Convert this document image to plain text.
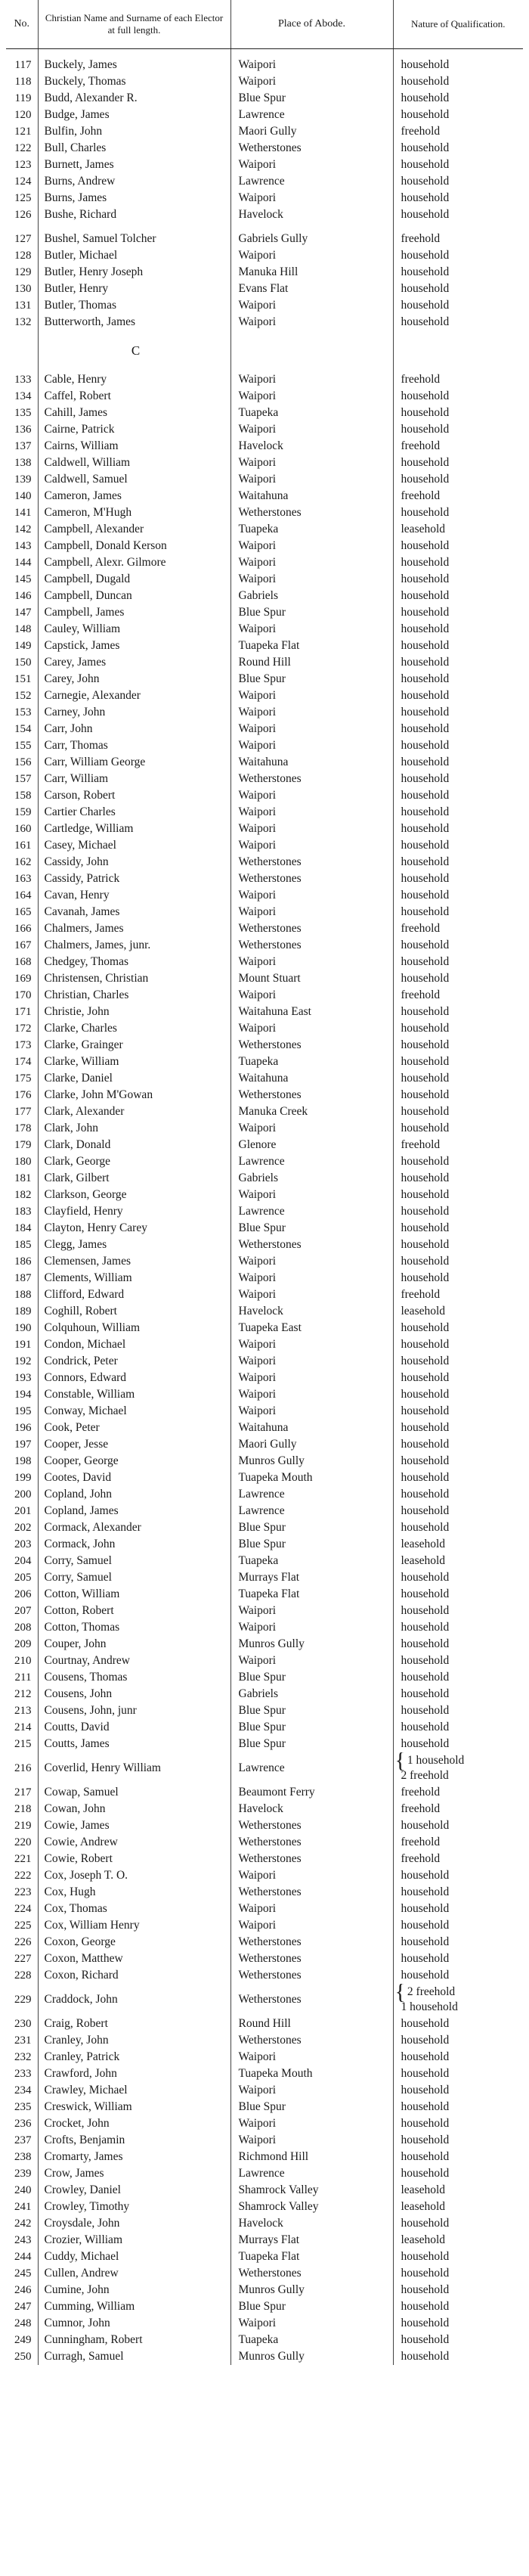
No.	Christian Name and Surname of each Elector at full length.	Place of Abode.	Nature of Qualification.

117	Buckely, James	Waipori	household
118	Buckely, Thomas	Waipori	household
119	Budd, Alexander R.	Blue Spur	household
120	Budge, James	Lawrence	household
121	Bulfin, John	Maori Gully	freehold
122	Bull, Charles	Wetherstones	household
123	Burnett, James	Waipori	household
124	Burns, Andrew	Lawrence	household
125	Burns, James	Waipori	household
126	Bushe, Richard	Havelock	household

127	Bushel, Samuel Tolcher	Gabriels Gully	freehold
128	Butler, Michael	Waipori	household
129	Butler, Henry Joseph	Manuka Hill	household
130	Butler, Henry	Evans Flat	household
131	Butler, Thomas	Waipori	household
132	Butterworth, James	Waipori	household

	C		

133	Cable, Henry	Waipori	freehold
134	Caffel, Robert	Waipori	household
135	Cahill, James	Tuapeka	household
136	Cairne, Patrick	Waipori	household
137	Cairns, William	Havelock	freehold
138	Caldwell, William	Waipori	household
139	Caldwell, Samuel	Waipori	household
140	Cameron, James	Waitahuna	freehold
141	Cameron, M'Hugh	Wetherstones	household
142	Campbell, Alexander	Tuapeka	leasehold
143	Campbell, Donald Kerson	Waipori	household
144	Campbell, Alexr. Gilmore	Waipori	household
145	Campbell, Dugald	Waipori	household
146	Campbell, Duncan	Gabriels	household
147	Campbell, James	Blue Spur	household
148	Cauley, William	Waipori	household
149	Capstick, James	Tuapeka Flat	household
150	Carey, James	Round Hill	household
151	Carey, John	Blue Spur	household
152	Carnegie, Alexander	Waipori	household
153	Carney, John	Waipori	household
154	Carr, John	Waipori	household
155	Carr, Thomas	Waipori	household
156	Carr, William George	Waitahuna	household
157	Carr, William	Wetherstones	household
158	Carson, Robert	Waipori	household
159	Cartier Charles	Waipori	household
160	Cartledge, William	Waipori	household
161	Casey, Michael	Waipori	household
162	Cassidy, John	Wetherstones	household
163	Cassidy, Patrick	Wetherstones	household
164	Cavan, Henry	Waipori	household
165	Cavanah, James	Waipori	household
166	Chalmers, James	Wetherstones	freehold
167	Chalmers, James, junr.	Wetherstones	household
168	Chedgey, Thomas	Waipori	household
169	Christensen, Christian	Mount Stuart	household
170	Christian, Charles	Waipori	freehold
171	Christie, John	Waitahuna East	household
172	Clarke, Charles	Waipori	household
173	Clarke, Grainger	Wetherstones	household
174	Clarke, William	Tuapeka	household
175	Clarke, Daniel	Waitahuna	household
176	Clarke, John M'Gowan	Wetherstones	household
177	Clark, Alexander	Manuka Creek	household
178	Clark, John	Waipori	household
179	Clark, Donald	Glenore	freehold
180	Clark, George	Lawrence	household
181	Clark, Gilbert	Gabriels	household
182	Clarkson, George	Waipori	household
183	Clayfield, Henry	Lawrence	household
184	Clayton, Henry Carey	Blue Spur	household
185	Clegg, James	Wetherstones	household
186	Clemensen, James	Waipori	household
187	Clements, William	Waipori	household
188	Clifford, Edward	Waipori	freehold
189	Coghill, Robert	Havelock	leasehold
190	Colquhoun, William	Tuapeka East	household
191	Condon, Michael	Waipori	household
192	Condrick, Peter	Waipori	household
193	Connors, Edward	Waipori	household
194	Constable, William	Waipori	household
195	Conway, Michael	Waipori	household
196	Cook, Peter	Waitahuna	household
197	Cooper, Jesse	Maori Gully	household
198	Cooper, George	Munros Gully	household
199	Cootes, David	Tuapeka Mouth	household
200	Copland, John	Lawrence	household
201	Copland, James	Lawrence	household
202	Cormack, Alexander	Blue Spur	household
203	Cormack, John	Blue Spur	leasehold
204	Corry, Samuel	Tuapeka	leasehold
205	Corry, Samuel	Murrays Flat	household
206	Cotton, William	Tuapeka Flat	household
207	Cotton, Robert	Waipori	household
208	Cotton, Thomas	Waipori	household
209	Couper, John	Munros Gully	household
210	Courtnay, Andrew	Waipori	household
211	Cousens, Thomas	Blue Spur	household
212	Cousens, John	Gabriels	household
213	Cousens, John, junr	Blue Spur	household
214	Coutts, David	Blue Spur	household
215	Coutts, James	Blue Spur	household
216	Coverlid, Henry William	Lawrence	{ 1 household
2 freehold

217	Cowap, Samuel	Beaumont Ferry	freehold
218	Cowan, John	Havelock	freehold
219	Cowie, James	Wetherstones	household
220	Cowie, Andrew	Wetherstones	freehold
221	Cowie, Robert	Wetherstones	freehold
222	Cox, Joseph T. O.	Waipori	household
223	Cox, Hugh	Wetherstones	household
224	Cox, Thomas	Waipori	household
225	Cox, William Henry	Waipori	household
226	Coxon, George	Wetherstones	household
227	Coxon, Matthew	Wetherstones	household
228	Coxon, Richard	Wetherstones	household
229	Craddock, John	Wetherstones	{ 2 freehold
1 household

230	Craig, Robert	Round Hill	household
231	Cranley, John	Wetherstones	household
232	Cranley, Patrick	Waipori	household
233	Crawford, John	Tuapeka Mouth	household
234	Crawley, Michael	Waipori	household
235	Creswick, William	Blue Spur	household
236	Crocket, John	Waipori	household
237	Crofts, Benjamin	Waipori	household
238	Cromarty, James	Richmond Hill	household
239	Crow, James	Lawrence	household
240	Crowley, Daniel	Shamrock Valley	leasehold
241	Crowley, Timothy	Shamrock Valley	leasehold
242	Croysdale, John	Havelock	household
243	Crozier, William	Murrays Flat	leasehold
244	Cuddy, Michael	Tuapeka Flat	household
245	Cullen, Andrew	Wetherstones	household
246	Cumine, John	Munros Gully	household
247	Cumming, William	Blue Spur	household
248	Cumnor, John	Waipori	household
249	Cunningham, Robert	Tuapeka	household
250	Curragh, Samuel	Munros Gully	household
